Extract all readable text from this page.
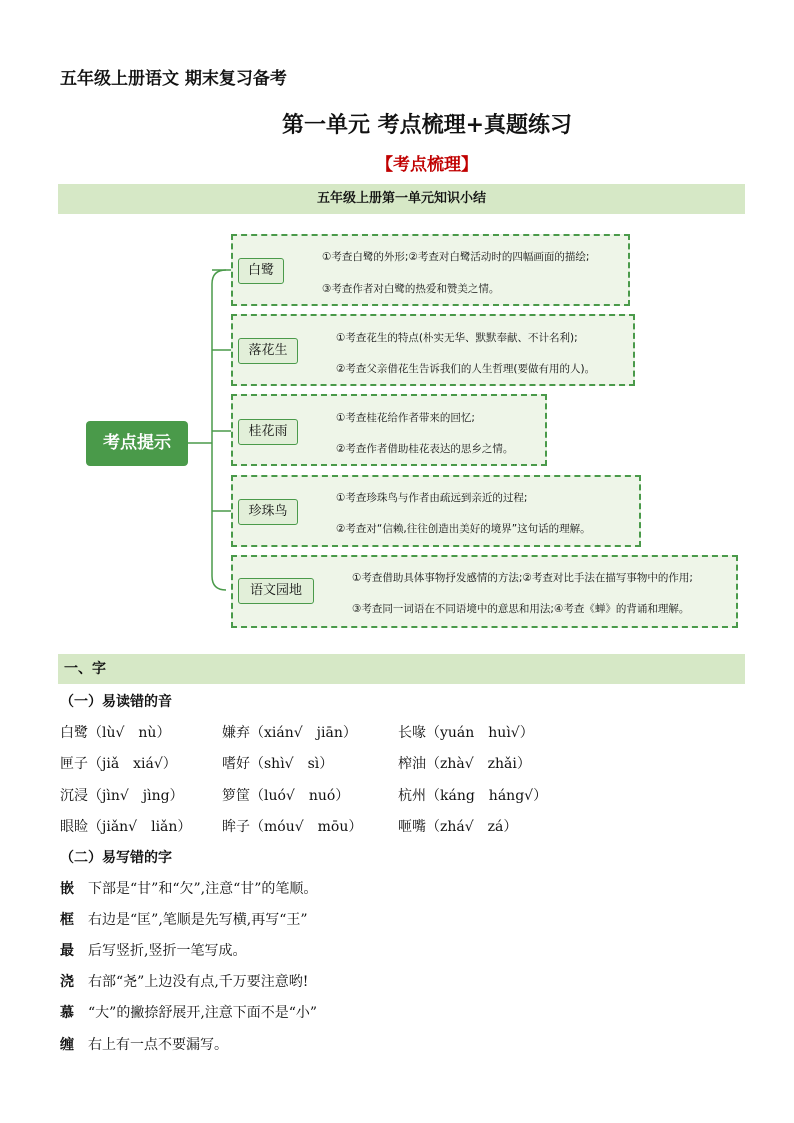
五年级上册语文 期末复习备考
第一单元 考点梳理+真题练习
【考点梳理】
五年级上册第一单元知识小结
考点提示
白鹭
①考查白鹭的外形;②考查对白鹭活动时的四幅画面的描绘;
③考查作者对白鹭的热爱和赞美之情。
落花生
①考查花生的特点(朴实无华、默默奉献、不计名利);
②考查父亲借花生告诉我们的人生哲理(要做有用的人)。
桂花雨
①考查桂花给作者带来的回忆;
②考查作者借助桂花表达的思乡之情。
珍珠鸟
①考查珍珠鸟与作者由疏远到亲近的过程;
②考查对“信赖,往往创造出美好的境界”这句话的理解。
语文园地
①考查借助具体事物抒发感情的方法;②考查对比手法在描写事物中的作用;
③考查同一词语在不同语境中的意思和用法;④考查《蝉》的背诵和理解。
一、字
（一）易读错的音
白鹭（lù√　nù）	嫌弃（xián√　jiān）	长喙（yuán　huì√）
匣子（jiǎ　xiá√）	嗜好（shì√　sì）	榨油（zhà√　zhǎi）
沉浸（jìn√　jìng）	箩筐（luó√　nuó）	杭州（káng　háng√）
眼睑（jiǎn√　liǎn） 眸子（móu√　mōu）	咂嘴（zhá√　zá）
（二）易写错的字
嵌 下部是“甘”和“欠”,注意“甘”的笔顺。
框 右边是“匡”,笔顺是先写横,再写“王”
最 后写竖折,竖折一笔写成。
浇 右部“尧”上边没有点,千万要注意哟!
慕 “大”的撇捺舒展开,注意下面不是“小”
缠 右上有一点不要漏写。
